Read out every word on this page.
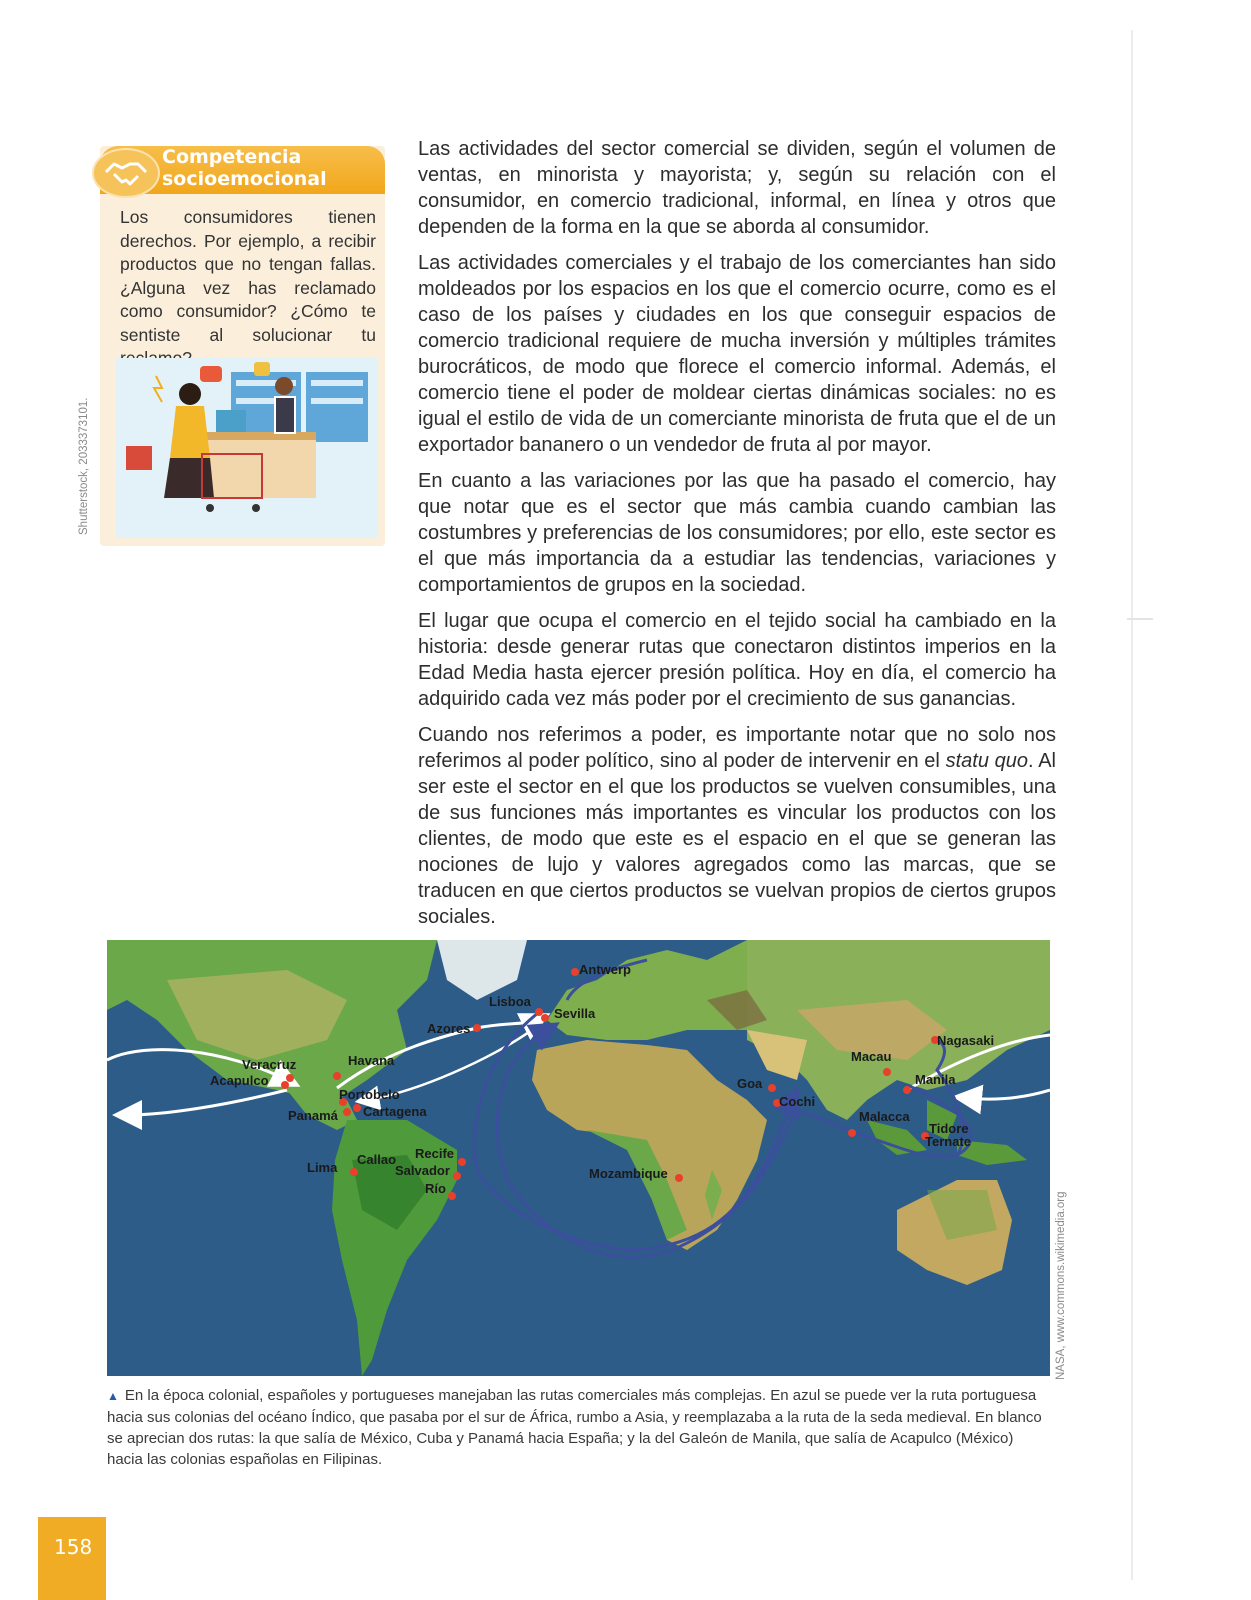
Competencia
socioemocional
Los consumidores tienen derechos. Por ejemplo, a recibir productos que no tengan fallas. ¿Alguna vez has reclamado como consumidor? ¿Cómo te sentiste al solucionar tu
Shutterstock, 2033373101.

Las actividades del sector comercial se dividen, según el volumen de ventas, en minorista y mayorista; y, según su relación con el consumidor, en comercio tradicional, informal, en línea y otros que dependen de la forma en la que se aborda al consumidor.

Las actividades comerciales y el trabajo de los comerciantes han sido moldeados por los espacios en los que el comercio ocurre, como es el caso de los países y ciudades en los que conseguir espacios de comercio tradicional requiere de mucha inversión y múltiples trámites burocráticos, de modo que florece el comercio informal. Además, el comercio tiene el poder de moldear ciertas dinámicas sociales: no es igual el estilo de vida de un comerciante minorista de fruta que el de un exportador bananero o un vendedor de fruta al por mayor.

En cuanto a las variaciones por las que ha pasado el comercio, hay que notar que es el sector que más cambia cuando cambian las costumbres y preferencias de los consumidores; por ello, este sector es el que más importancia da a estudiar las tendencias, variaciones y comportamientos de grupos en la sociedad.

El lugar que ocupa el comercio en el tejido social ha cambiado en la historia: desde generar rutas que conectaron distintos imperios en la Edad Media hasta ejercer presión política. Hoy en día, el comercio ha adquirido cada vez más poder por el crecimiento de sus ganancias.

Cuando nos referimos a poder, es importante notar que no solo nos referimos al poder político, sino al poder de intervenir en el statu quo. Al ser este el sector en el que los productos se vuelven consumibles, una de sus funciones más importantes es vincular los productos con los clientes, de modo que este es el espacio en el que se generan las nociones de lujo y valores agregados como las marcas, que se traducen en que ciertos productos se vuelvan propios de ciertos grupos sociales.

Antwerp
Lisboa
Sevilla
Azores
Veracruz
Acapulco
Havana
Portobelo
Cartagena
Panamá
Callao
Lima
Recife
Salvador
Río
Mozambique
Goa
Cochi
Macau
Nagasaki
Manila
Malacca
Tidore
Ternate
NASA, www.commons.wikimedia.org
▲ En la época colonial, españoles y portugueses manejaban las rutas comerciales más complejas. En azul se puede ver la ruta portuguesa hacia sus colonias del océano Índico, que pasaba por el sur de África, rumbo a Asia, y reemplazaba a la ruta de la seda medieval. En blanco se aprecian dos rutas: la que salía de México, Cuba y Panamá hacia España; y la del Galeón de Manila, que salía de Acapulco (México) hacia las colonias españolas en Filipinas.
158
